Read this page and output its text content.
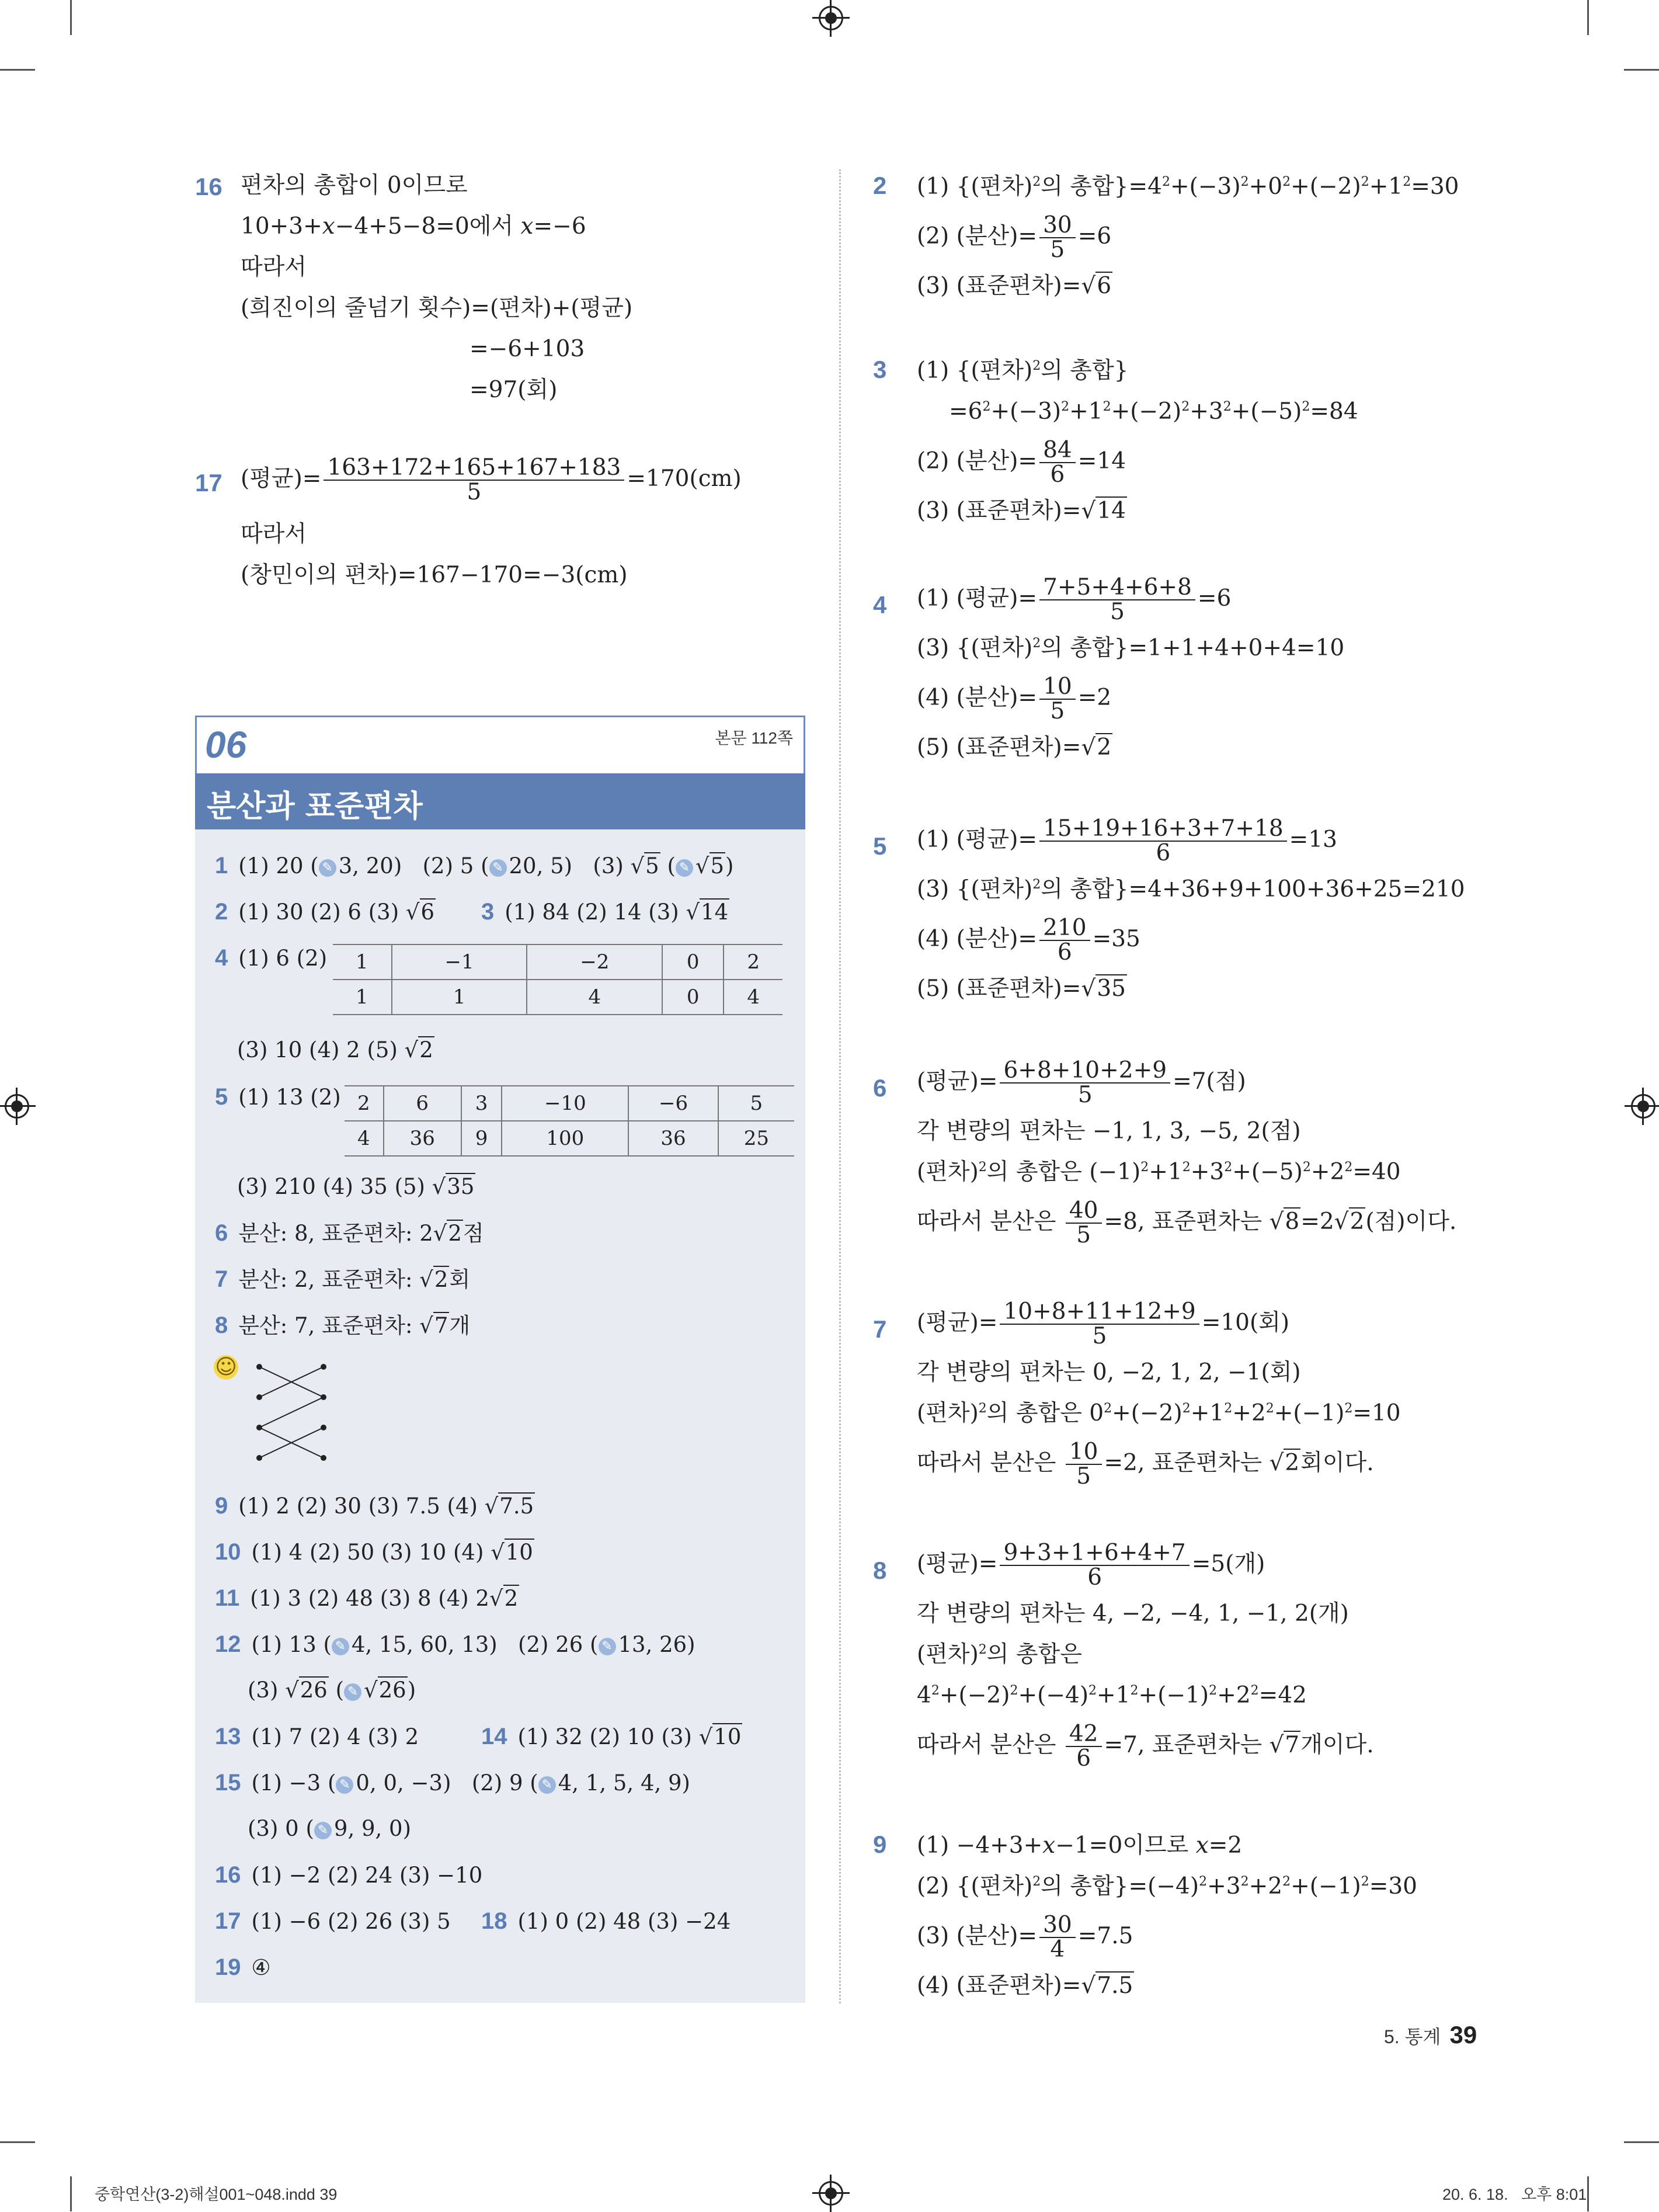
16 편차의 총합이 0이므로
10+3+𝑥−4+5−8=0에서 𝑥=−6
따라서
(희진이의 줄넘기 횟수)=(편차)+(평균)
=−6+103
=97(회)
17 (평균)= $\frac{163+172+165+167+183}{5} =170(cm)$
따라서
(창민이의 편차)=167−170=−3(cm)
06	본문 112쪽
분산과 표준편차
1 (1) 20 ( ✎ 3, 20) (2) 5 ( ✎ 20, 5) (3) √5 ( ✎ √5)
2 (1) 30 (2) 6 (3) √6 3 (1) 84 (2) 14 (3) √14
4 (1) 6 (2) 1	−1	−2	0	2
1	1	4	0	4
(3) 10 (4) 2 (5) √2
5 (1) 13 (2) 2	6	3	−10	−6	5
4	36	9	100	36	25
(3) 210 (4) 35 (5) √35
6 분산: 8, 표준편차: 2√2점
7 분산: 2, 표준편차: √2회
8 분산: 7, 표준편차: √7개
☺
9 (1) 2 (2) 30 (3) 7.5 (4) √7.5
10 (1) 4 (2) 50 (3) 10 (4) √10
11 (1) 3 (2) 48 (3) 8 (4) 2√2
12 (1) 13 ( ✎ 4, 15, 60, 13) (2) 26 ( ✎ 13, 26)
(3) √26 ( ✎ √26)
13 (1) 7 (2) 4 (3) 2	14 (1) 32 (2) 10 (3) √10
15 (1) −3 ( ✎ 0, 0, −3) (2) 9 ( ✎ 4, 1, 5, 4, 9)
(3) 0 ( ✎ 9, 9, 0)
16 (1) −2 (2) 24 (3) −10
17 (1) −6 (2) 26 (3) 5 18 (1) 0 (2) 48 (3) −24
19 ④
2 (1) {(편차)$^2$의 총합}$=4^2+(-3)^2+0^2+(-2)^2+1^2=30$
(2) (분산)= $\frac{30}{5} =6$
(3) (표준편차)=√6
3 (1) {(편차)$^2$의 총합}
$=6^2+(-3)^2+1^2+(-2)^2+3^2+(-5)^2=84$
(2) (분산)= $\frac{84}{6} =14$
(3) (표준편차)=√14
4 (1) (평균)= $\frac{7+5+4+6+8}{5} =6$
(3) {(편차)$^2$의 총합}=1+1+4+0+4=10
(4) (분산)= $\frac{10}{5} =2$
(5) (표준편차)=√2
5 (1) (평균)= $\frac{15+19+16+3+7+18}{6} =13$
(3) {(편차)$^2$의 총합}=4+36+9+100+36+25=210
(4) (분산)= $\frac{210}{6} =35$
(5) (표준편차)=√35
6 (평균)= $\frac{6+8+10+2+9}{5} =7$(점)
각 변량의 편차는 −1, 1, 3, −5, 2(점)
(편차)$^2$의 총합은 $(-1)^2+1^2+3^2+(-5)^2+2^2=40$
따라서 분산은 $\frac{40}{5} =8$, 표준편차는 √8=2√2(점)이다.
7 (평균)= $\frac{10+8+11+12+9}{5} =10$(회)
각 변량의 편차는 0, −2, 1, 2, −1(회)
(편차)$^2$의 총합은 $0^2+(-2)^2+1^2+2^2+(-1)^2=10$
따라서 분산은 $\frac{10}{5} =2$, 표준편차는 √2회이다.
8 (평균)= $\frac{9+3+1+6+4+7}{6} =5$(개)
각 변량의 편차는 4, −2, −4, 1, −1, 2(개)
(편차)$^2$의 총합은
$4^2+(-2)^2+(-4)^2+1^2+(-1)^2+2^2=42$
따라서 분산은 $\frac{42}{6} =7$, 표준편차는 √7개이다.
9 (1) −4+3+𝑥−1=0이므로 𝑥=2
(2) {(편차)$^2$의 총합}$=(-4)^2+3^2+2^2+(-1)^2=30$
(3) (분산)= $\frac{30}{4} =7.5$
(4) (표준편차)=√7.5
5. 통계 39
중학연산(3-2)해설001~048.indd 39	20. 6. 18.   오후 8:01
